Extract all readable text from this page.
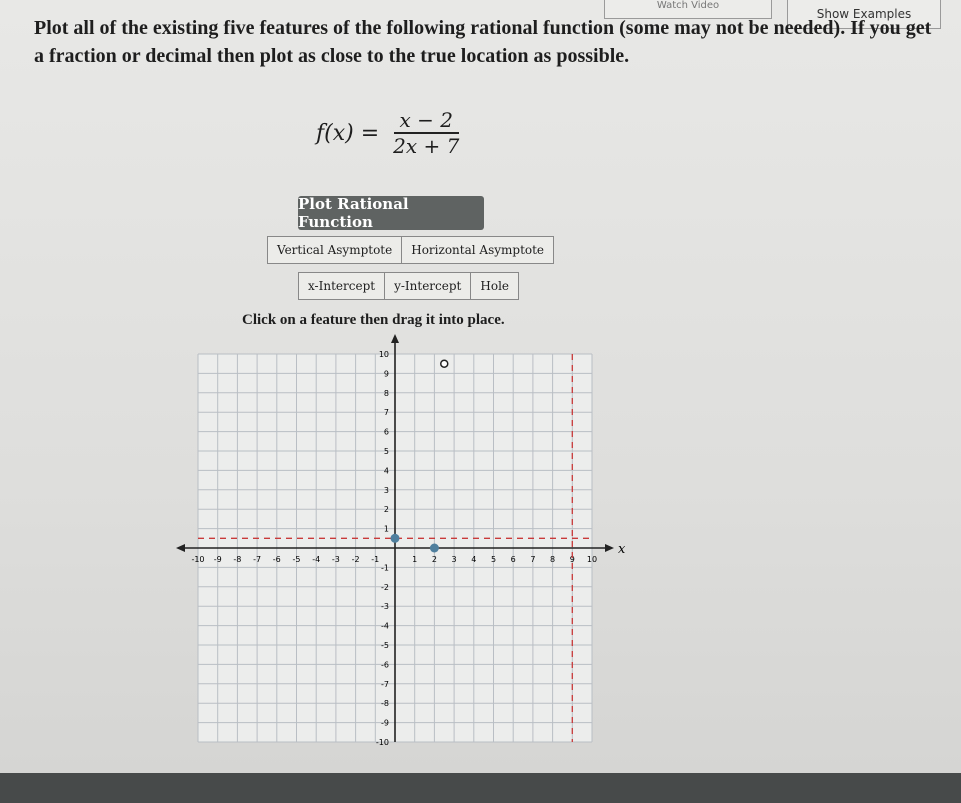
Watch Video
Show Examples
Plot all of the existing five features of the following rational function (some may not be needed). If you get a fraction or decimal then plot as close to the true location as possible.
$f(x) = \frac{x - 2}{2x + 7}$
Plot Rational Function
Vertical Asymptote	Horizontal Asymptote
x-Intercept	y-Intercept	Hole
Click on a feature then drag it into place.
x
-10 -9 -8 -7 -6 -5 -4 -3 -2 -1	1 2 3 4 5 6 7 8 9 10
10
9
8
7
6
5
4
3
2
1
-1
-2
-3
-4
-5
-6
-7
-8
-9
-10
